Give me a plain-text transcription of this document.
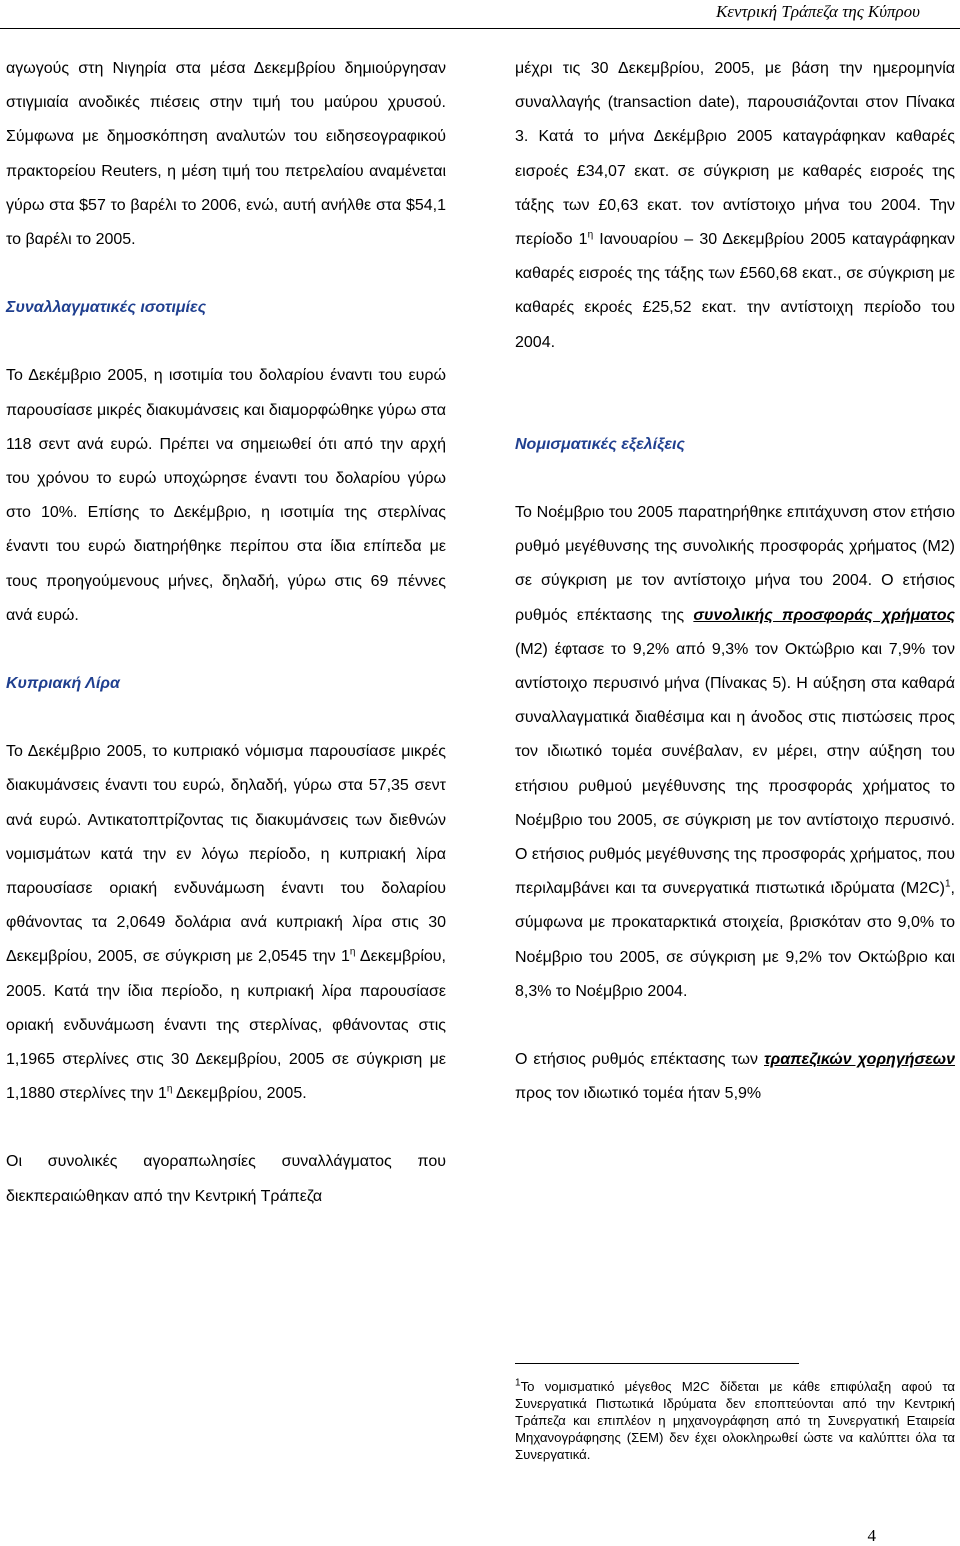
Κεντρική Τράπεζα της Κύπρου

αγωγούς στη Νιγηρία στα μέσα Δεκεμβρίου δημιούργησαν στιγμιαία ανοδικές πιέσεις στην τιμή του μαύρου χρυσού. Σύμφωνα με δημοσκόπηση αναλυτών του ειδησεογραφικού πρακτορείου Reuters, η μέση τιμή του πετρελαίου αναμένεται γύρω στα $57 το βαρέλι το 2006, ενώ, αυτή ανήλθε στα $54,1 το βαρέλι το 2005.

Συναλλαγματικές ισοτιμίες

Το Δεκέμβριο 2005, η ισοτιμία του δολαρίου έναντι του ευρώ παρουσίασε μικρές διακυμάνσεις και διαμορφώθηκε γύρω στα 118 σεντ ανά ευρώ. Πρέπει να σημειωθεί ότι από την αρχή του χρόνου το ευρώ υποχώρησε έναντι του δολαρίου γύρω στο 10%. Επίσης το Δεκέμβριο, η ισοτιμία της στερλίνας έναντι του ευρώ διατηρήθηκε περίπου στα ίδια επίπεδα με τους προηγούμενους μήνες, δηλαδή, γύρω στις 69 πέννες ανά ευρώ.

Κυπριακή Λίρα

Το Δεκέμβριο 2005, το κυπριακό νόμισμα παρουσίασε μικρές διακυμάνσεις έναντι του ευρώ, δηλαδή, γύρω στα 57,35 σεντ ανά ευρώ. Αντικατοπτρίζοντας τις διακυμάνσεις των διεθνών νομισμάτων κατά την εν λόγω περίοδο, η κυπριακή λίρα παρουσίασε οριακή ενδυνάμωση έναντι του δολαρίου φθάνοντας τα 2,0649 δολάρια ανά κυπριακή λίρα στις 30 Δεκεμβρίου, 2005, σε σύγκριση με 2,0545 την $1^\eta$ Δεκεμβρίου, 2005. Κατά την ίδια περίοδο, η κυπριακή λίρα παρουσίασε οριακή ενδυνάμωση έναντι της στερλίνας, φθάνοντας στις 1,1965 στερλίνες στις 30 Δεκεμβρίου, 2005 σε σύγκριση με 1,1880 στερλίνες την $1^\eta$ Δεκεμβρίου, 2005.

Οι συνολικές αγοραπωλησίες συναλλάγματος που διεκπεραιώθηκαν από την Κεντρική Τράπεζα

μέχρι τις 30 Δεκεμβρίου, 2005, με βάση την ημερομηνία συναλλαγής (transaction date), παρουσιάζονται στον Πίνακα 3. Κατά το μήνα Δεκέμβριο 2005 καταγράφηκαν καθαρές εισροές £34,07 εκατ. σε σύγκριση με καθαρές εισροές της τάξης των £0,63 εκατ. τον αντίστοιχο μήνα του 2004. Την περίοδο $1^\eta$ Ιανουαρίου – 30 Δεκεμβρίου 2005 καταγράφηκαν καθαρές εισροές της τάξης των £560,68 εκατ., σε σύγκριση με καθαρές εκροές £25,52 εκατ. την αντίστοιχη περίοδο του 2004.

Νομισματικές εξελίξεις

Το Νοέμβριο του 2005 παρατηρήθηκε επιτάχυνση στον ετήσιο ρυθμό μεγέθυνσης της συνολικής προσφοράς χρήματος (Μ2) σε σύγκριση με τον αντίστοιχο μήνα του 2004. Ο ετήσιος ρυθμός επέκτασης της συνολικής προσφοράς χρήματος (Μ2) έφτασε το 9,2% από 9,3% τον Οκτώβριο και 7,9% τον αντίστοιχο περυσινό μήνα (Πίνακας 5). Η αύξηση στα καθαρά συναλλαγματικά διαθέσιμα και η άνοδος στις πιστώσεις προς τον ιδιωτικό τομέα συνέβαλαν, εν μέρει, στην αύξηση του ετήσιου ρυθμού μεγέθυνσης της προσφοράς χρήματος το Νοέμβριο του 2005, σε σύγκριση με τον αντίστοιχο περυσινό. Ο ετήσιος ρυθμός μεγέθυνσης της προσφοράς χρήματος, που περιλαμβάνει και τα συνεργατικά πιστωτικά ιδρύματα $(M2C)^1$, σύμφωνα με προκαταρκτικά στοιχεία, βρισκόταν στο 9,0% το Νοέμβριο του 2005, σε σύγκριση με 9,2% τον Οκτώβριο και 8,3% το Νοέμβριο 2004.

Ο ετήσιος ρυθμός επέκτασης των τραπεζικών χορηγήσεων προς τον ιδιωτικό τομέα ήταν 5,9%

$^1$Το νομισματικό μέγεθος Μ2C δίδεται με κάθε επιφύλαξη αφού τα Συνεργατικά Πιστωτικά Ιδρύματα δεν εποπτεύονται από την Κεντρική Τράπεζα και επιπλέον η μηχανογράφηση από τη Συνεργατική Εταιρεία Μηχανογράφησης (ΣΕΜ) δεν έχει ολοκληρωθεί ώστε να καλύπτει όλα τα Συνεργατικά.
4
